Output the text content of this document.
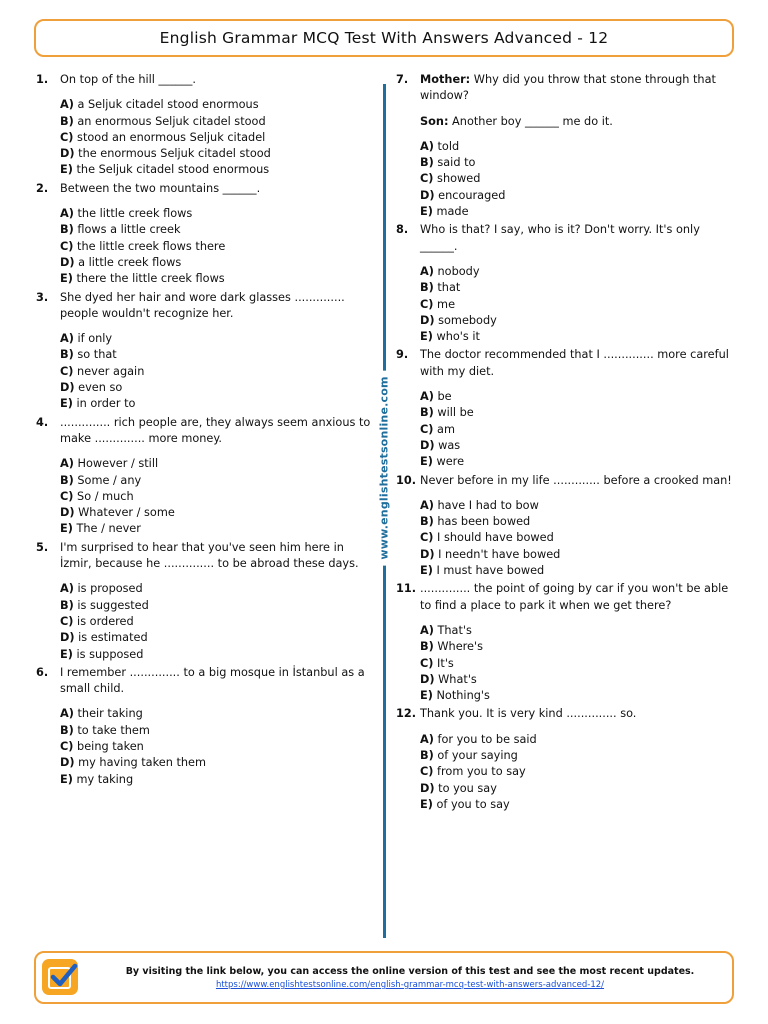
English Grammar MCQ Test With Answers Advanced - 12
1.	On top of the hill ______.
A) a Seljuk citadel stood enormous
B) an enormous Seljuk citadel stood
C) stood an enormous Seljuk citadel
D) the enormous Seljuk citadel stood
E) the Seljuk citadel stood enormous
2.	Between the two mountains ______.
A) the little creek flows
B) flows a little creek
C) the little creek flows there
D) a little creek flows
E) there the little creek flows
3.	She dyed her hair and wore dark glasses .............. people wouldn't recognize her.
A) if only
B) so that
C) never again
D) even so
E) in order to
4.	.............. rich people are, they always seem anxious to make .............. more money.
A) However / still
B) Some / any
C) So / much
D) Whatever / some
E) The / never
5.	I'm surprised to hear that you've seen him here in İzmir, because he .............. to be abroad these days.
A) is proposed
B) is suggested
C) is ordered
D) is estimated
E) is supposed
6.	I remember .............. to a big mosque in İstanbul as a small child.
A) their taking
B) to take them
C) being taken
D) my having taken them
E) my taking
www.englishtestsonline.com
7.	Mother: Why did you throw that stone through that window?
Son: Another boy ______ me do it.
A) told
B) said to
C) showed
D) encouraged
E) made
8.	Who is that? I say, who is it? Don't worry. It's only ______.
A) nobody
B) that
C) me
D) somebody
E) who's it
9.	The doctor recommended that I .............. more careful with my diet.
A) be
B) will be
C) am
D) was
E) were
10. Never before in my life ............. before a crooked man!
A) have I had to bow
B) has been bowed
C) I should have bowed
D) I needn't have bowed
E) I must have bowed
11. .............. the point of going by car if you won't be able to find a place to park it when we get there?
A) That's
B) Where's
C) It's
D) What's
E) Nothing's
12. Thank you. It is very kind .............. so.
A) for you to be said
B) of your saying
C) from you to say
D) to you say
E) of you to say
By visiting the link below, you can access the online version of this test and see the most recent updates.
https://www.englishtestsonline.com/english-grammar-mcq-test-with-answers-advanced-12/
